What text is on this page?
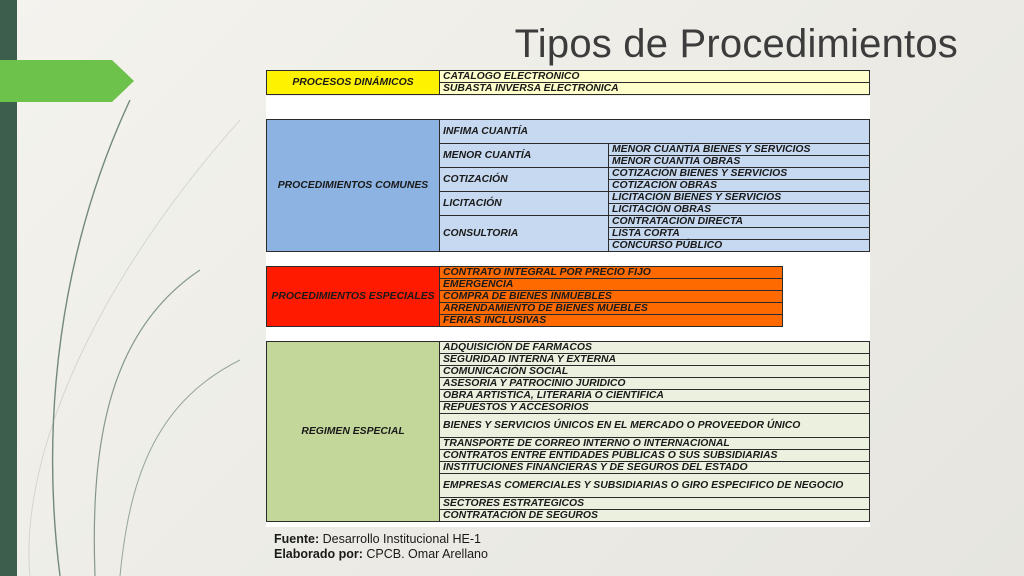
Tipos de Procedimientos
PROCESOS DINÁMICOS	CATALOGO ELECTRONICO
SUBASTA INVERSA ELECTRÓNICA
PROCEDIMIENTOS COMUNES	INFIMA CUANTÍA	
	MENOR CUANTÍA	MENOR CUANTÍA BIENES Y SERVICIOS
		MENOR CUANTÍA OBRAS
	COTIZACIÓN	COTIZACIÓN BIENES Y SERVICIOS
		COTIZACIÓN OBRAS
	LICITACIÓN	LICITACIÓN BIENES Y SERVICIOS
		LICITACIÓN OBRAS
	CONSULTORIA	CONTRATACIÓN DIRECTA
		LISTA CORTA
		CONCURSO PÚBLICO
PROCEDIMIENTOS ESPECIALES	CONTRATO INTEGRAL POR PRECIO FIJO
EMERGENCIA
COMPRA DE BIENES INMUEBLES
ARRENDAMIENTO DE BIENES MUEBLES
FERIAS INCLUSIVAS
REGIMEN ESPECIAL	ADQUISICIÓN DE FARMACOS
SEGURIDAD INTERNA Y EXTERNA
COMUNICACIÓN SOCIAL
ASESORÍA Y PATROCINIO JURÍDICO
OBRA ARTISTICA, LITERARIA O CIENTÍFICA
REPUESTOS Y ACCESORIOS
BIENES Y SERVICIOS ÚNICOS EN EL MERCADO O PROVEEDOR ÚNICO
TRANSPORTE DE CORREO INTERNO O INTERNACIONAL
CONTRATOS ENTRE ENTIDADES PÚBLICAS O SUS SUBSIDIARIAS
INSTITUCIONES FINANCIERAS Y DE SEGUROS DEL ESTADO
EMPRESAS COMERCIALES Y SUBSIDIARIAS O GIRO ESPECIFICO DE NEGOCIO
SECTORES ESTRATEGICOS
CONTRATACIÓN DE SEGUROS
Fuente: Desarrollo Institucional HE-1
Elaborado por: CPCB. Omar Arellano
